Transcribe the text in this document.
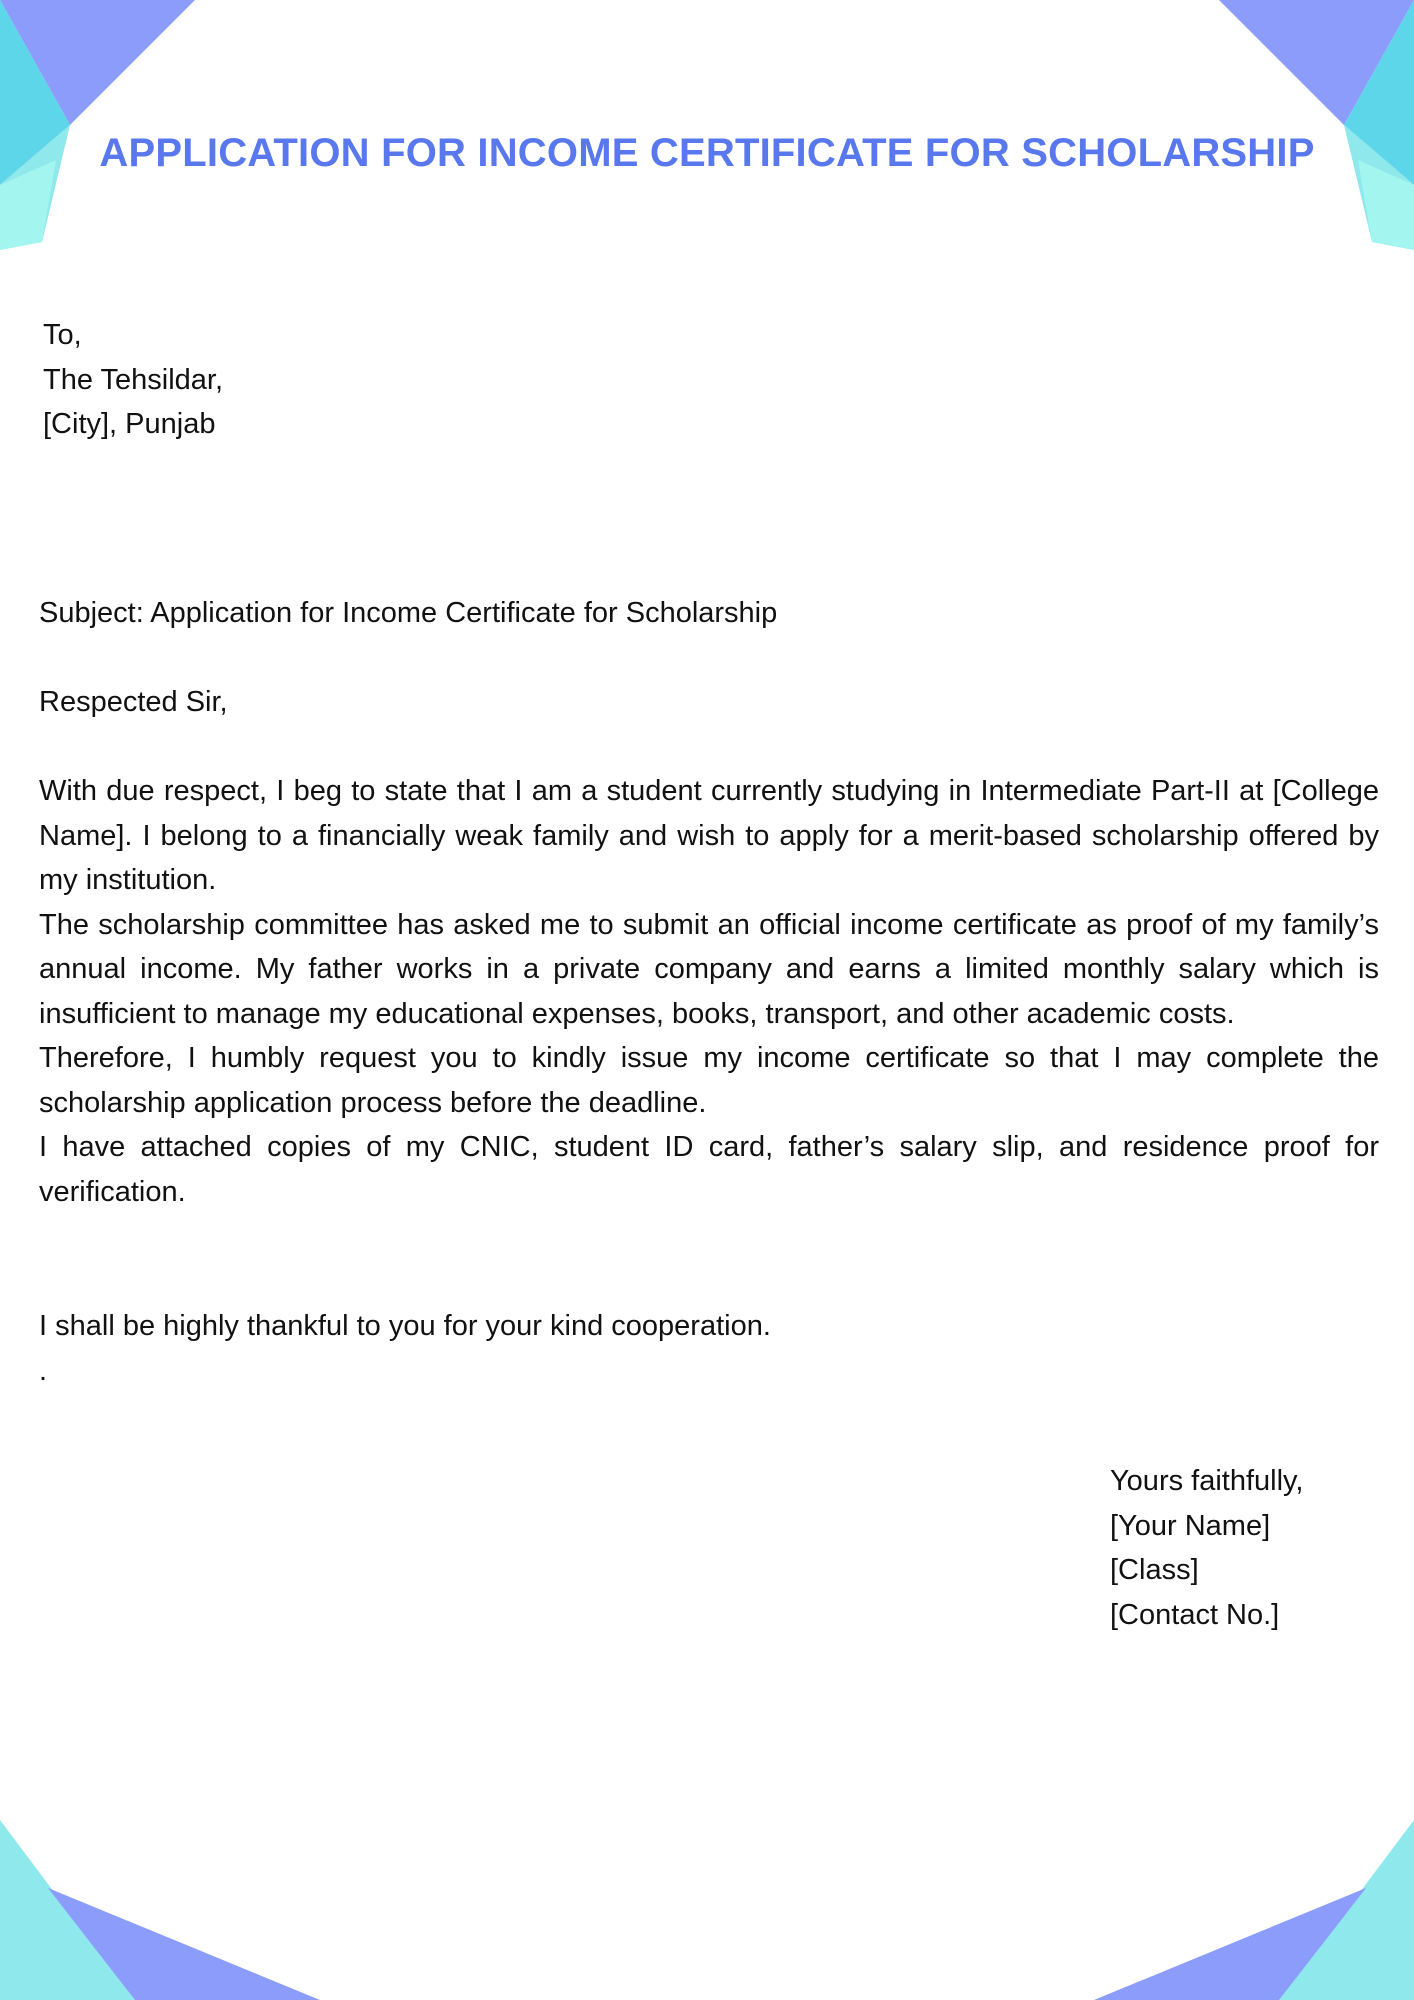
APPLICATION FOR INCOME CERTIFICATE FOR SCHOLARSHIP
To,
The Tehsildar,
[City], Punjab
Subject: Application for Income Certificate for Scholarship
Respected Sir,

With due respect, I beg to state that I am a student currently studying in Intermediate Part-II at [College Name]. I belong to a financially weak family and wish to apply for a merit-based scholarship offered by my institution.

The scholarship committee has asked me to submit an official income certificate as proof of my family’s annual income. My father works in a private company and earns a limited monthly salary which is insufficient to manage my educational expenses, books, transport, and other academic costs.

Therefore, I humbly request you to kindly issue my income certificate so that I may complete the scholarship application process before the deadline.

I have attached copies of my CNIC, student ID card, father’s salary slip, and residence proof for verification.

I shall be highly thankful to you for your kind cooperation.
.
Yours faithfully,
[Your Name]
[Class]
[Contact No.]
